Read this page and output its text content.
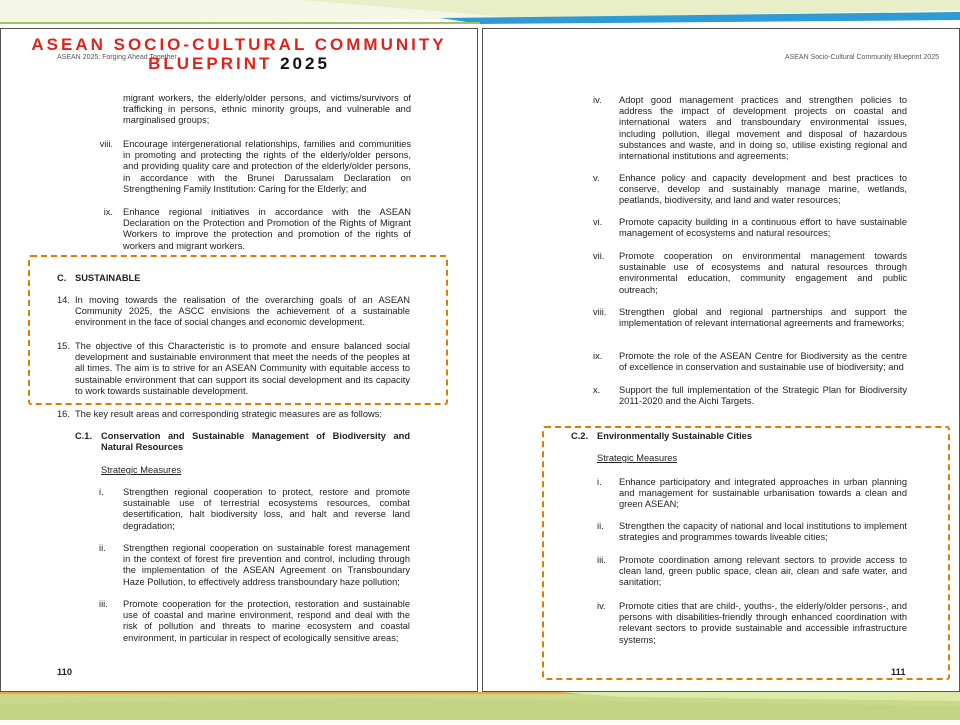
ASEAN SOCIO-CULTURAL COMMUNITY
BLUEPRINT 2025
ASEAN 2025: Forging Ahead Together

migrant workers, the elderly/older persons, and victims/survivors of trafficking in persons, ethnic minority groups, and vulnerable and marginalised groups;

viii. Encourage intergenerational relationships, families and communities in promoting and protecting the rights of the elderly/older persons, and providing quality care and protection of the elderly/older persons, in accordance with the Brunei Darussalam Declaration on Strengthening Family Institution: Caring for the Elderly; and

ix. Enhance regional initiatives in accordance with the ASEAN Declaration on the Protection and Promotion of the Rights of Migrant Workers to improve the protection and promotion of the rights of workers and migrant workers.

C. SUSTAINABLE
14. In moving towards the realisation of the overarching goals of an ASEAN Community 2025, the ASCC envisions the achievement of a sustainable environment in the face of social changes and economic development.

15. The objective of this Characteristic is to promote and ensure balanced social development and sustainable environment that meet the needs of the peoples at all times. The aim is to strive for an ASEAN Community with equitable access to sustainable environment that can support its social development and its capacity to work towards sustainable development.

16. The key result areas and corresponding strategic measures are as follows:

C.1. Conservation and Sustainable Management of Biodiversity and Natural Resources
Strategic Measures
i.	Strengthen regional cooperation to protect, restore and promote sustainable use of terrestrial ecosystems resources, combat desertification, halt biodiversity loss, and halt and reverse land degradation;

ii.	Strengthen regional cooperation on sustainable forest management in the context of forest fire prevention and control, including through the implementation of the ASEAN Agreement on Transboundary Haze Pollution, to effectively address transboundary haze pollution;

iii.	Promote cooperation for the protection, restoration and sustainable use of coastal and marine environment, respond and deal with the risk of pollution and threats to marine ecosystem and coastal environment, in particular in respect of ecologically sensitive areas;

110
ASEAN Socio-Cultural Community Blueprint 2025
iv.	Adopt good management practices and strengthen policies to address the impact of development projects on coastal and international waters and transboundary environmental issues, including pollution, illegal movement and disposal of hazardous substances and waste, and in doing so, utilise existing regional and international institutions and agreements;

v.	Enhance policy and capacity development and best practices to conserve, develop and sustainably manage marine, wetlands, peatlands, biodiversity, and land and water resources;

vi.	Promote capacity building in a continuous effort to have sustainable management of ecosystems and natural resources;

vii.	Promote cooperation on environmental management towards sustainable use of ecosystems and natural resources through environmental education, community engagement and public outreach;

viii.	Strengthen global and regional partnerships and support the implementation of relevant international agreements and frameworks;

ix.	Promote the role of the ASEAN Centre for Biodiversity as the centre of excellence in conservation and sustainable use of biodiversity; and

x.	Support the full implementation of the Strategic Plan for Biodiversity 2011-2020 and the Aichi Targets.

C.2. Environmentally Sustainable Cities
Strategic Measures
i.	Enhance participatory and integrated approaches in urban planning and management for sustainable urbanisation towards a clean and green ASEAN;

ii.	Strengthen the capacity of national and local institutions to implement strategies and programmes towards liveable cities;

iii.	Promote coordination among relevant sectors to provide access to clean land, green public space, clean air, clean and safe water, and sanitation;

iv.	Promote cities that are child-, youths-, the elderly/older persons-, and persons with disabilities-friendly through enhanced coordination with relevant sectors to provide sustainable and accessible infrastructure systems;

111
